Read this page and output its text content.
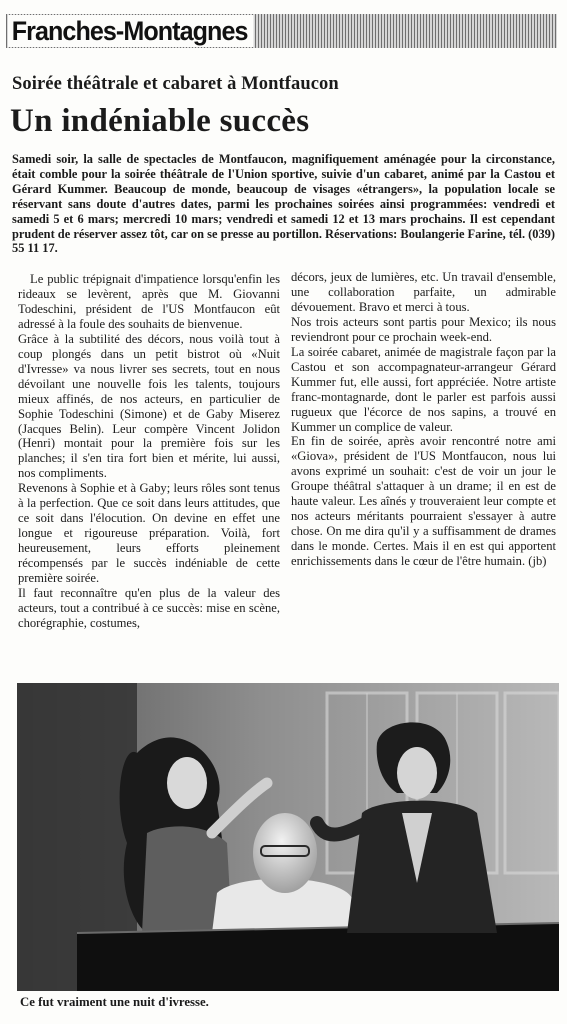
Franches-Montagnes
Soirée théâtrale et cabaret à Montfaucon
Un indéniable succès

Samedi soir, la salle de spectacles de Montfaucon, magnifiquement aménagée pour la circonstance, était comble pour la soirée théâtrale de l'Union sportive, suivie d'un cabaret, animé par la Castou et Gérard Kummer. Beaucoup de monde, beaucoup de visages «étrangers», la population locale se réservant sans doute d'autres dates, parmi les prochaines soirées ainsi programmées: vendredi et samedi 5 et 6 mars; mercredi 10 mars; vendredi et samedi 12 et 13 mars prochains. Il est cependant prudent de réserver assez tôt, car on se presse au portillon. Réservations: Boulangerie Farine, tél. (039) 55 11 17.

Le public trépignait d'impatience lorsqu'enfin les rideaux se levèrent, après que M. Giovanni Todeschini, président de l'US Montfaucon eût adressé à la foule des souhaits de bienvenue.

Grâce à la subtilité des décors, nous voilà tout à coup plongés dans un petit bistrot où «Nuit d'Ivresse» va nous livrer ses secrets, tout en nous dévoilant une nouvelle fois les talents, toujours mieux affinés, de nos acteurs, en particulier de Sophie Todeschini (Simone) et de Gaby Miserez (Jacques Belin). Leur compère Vincent Jolidon (Henri) montait pour la première fois sur les planches; il s'en tira fort bien et mérite, lui aussi, nos compliments.

Revenons à Sophie et à Gaby; leurs rôles sont tenus à la perfection. Que ce soit dans leurs attitudes, que ce soit dans l'élocution. On devine en effet une longue et rigoureuse préparation. Voilà, fort heureusement, leurs efforts pleinement récompensés par le succès indéniable de cette première soirée.

Il faut reconnaître qu'en plus de la valeur des acteurs, tout a contribué à ce succès: mise en scène, chorégraphie, costumes,

décors, jeux de lumières, etc. Un travail d'ensemble, une collaboration parfaite, un admirable dévouement. Bravo et merci à tous.

Nos trois acteurs sont partis pour Mexico; ils nous reviendront pour ce prochain week-end.

La soirée cabaret, animée de magistrale façon par la Castou et son accompagnateur-arrangeur Gérard Kummer fut, elle aussi, fort appréciée. Notre artiste franc-montagnarde, dont le parler est parfois aussi rugueux que l'écorce de nos sapins, a trouvé en Kummer un complice de valeur.

En fin de soirée, après avoir rencontré notre ami «Giova», président de l'US Montfaucon, nous lui avons exprimé un souhait: c'est de voir un jour le Groupe théâtral s'attaquer à un drame; il en est de haute valeur. Les aînés y trouveraient leur compte et nos acteurs méritants pourraient s'essayer à autre chose. On me dira qu'il y a suffisamment de drames dans le monde. Certes. Mais il en est qui apportent enrichissements dans le cœur de l'être humain. (jb)

Ce fut vraiment une nuit d'ivresse.
